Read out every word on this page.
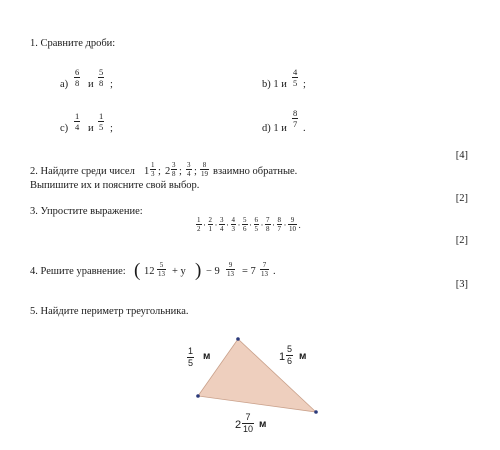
1. Сравните дроби:
$a) \frac{6}{8}$ и $\frac{5}{8}$ ;	b) 1 и $\frac{4}{5}$ ;
$c) \frac{1}{4}$ и $\frac{1}{5}$ ;	d) 1 и $\frac{8}{7}$ .
[4]
2. Найдите среди чисел $1 \frac{1}{3}$ ; $2 \frac{3}{8}$ ; $\frac{3}{4}$ ; $\frac{8}{19}$ взаимно обратные.
Выпишите их и поясните свой выбор.
[2]
3. Упростите выражение:
$\frac{1}{2} \cdot \frac{2}{1} \cdot \frac{3}{4} \cdot \frac{4}{3} \cdot \frac{5}{6} \cdot \frac{6}{5} \cdot \frac{7}{8} \cdot \frac{8}{7} \cdot \frac{9}{10}$ .
[2]
4. Решите уравнение: ( $12 \frac{5}{13} + y$ ) − $9 \frac{9}{13} = 7 \frac{7}{13}$ .
[3]
5. Найдите периметр треугольника.
$\frac{1}{5}$ м	$1 \frac{5}{6}$ м
$2 \frac{7}{10}$ м
